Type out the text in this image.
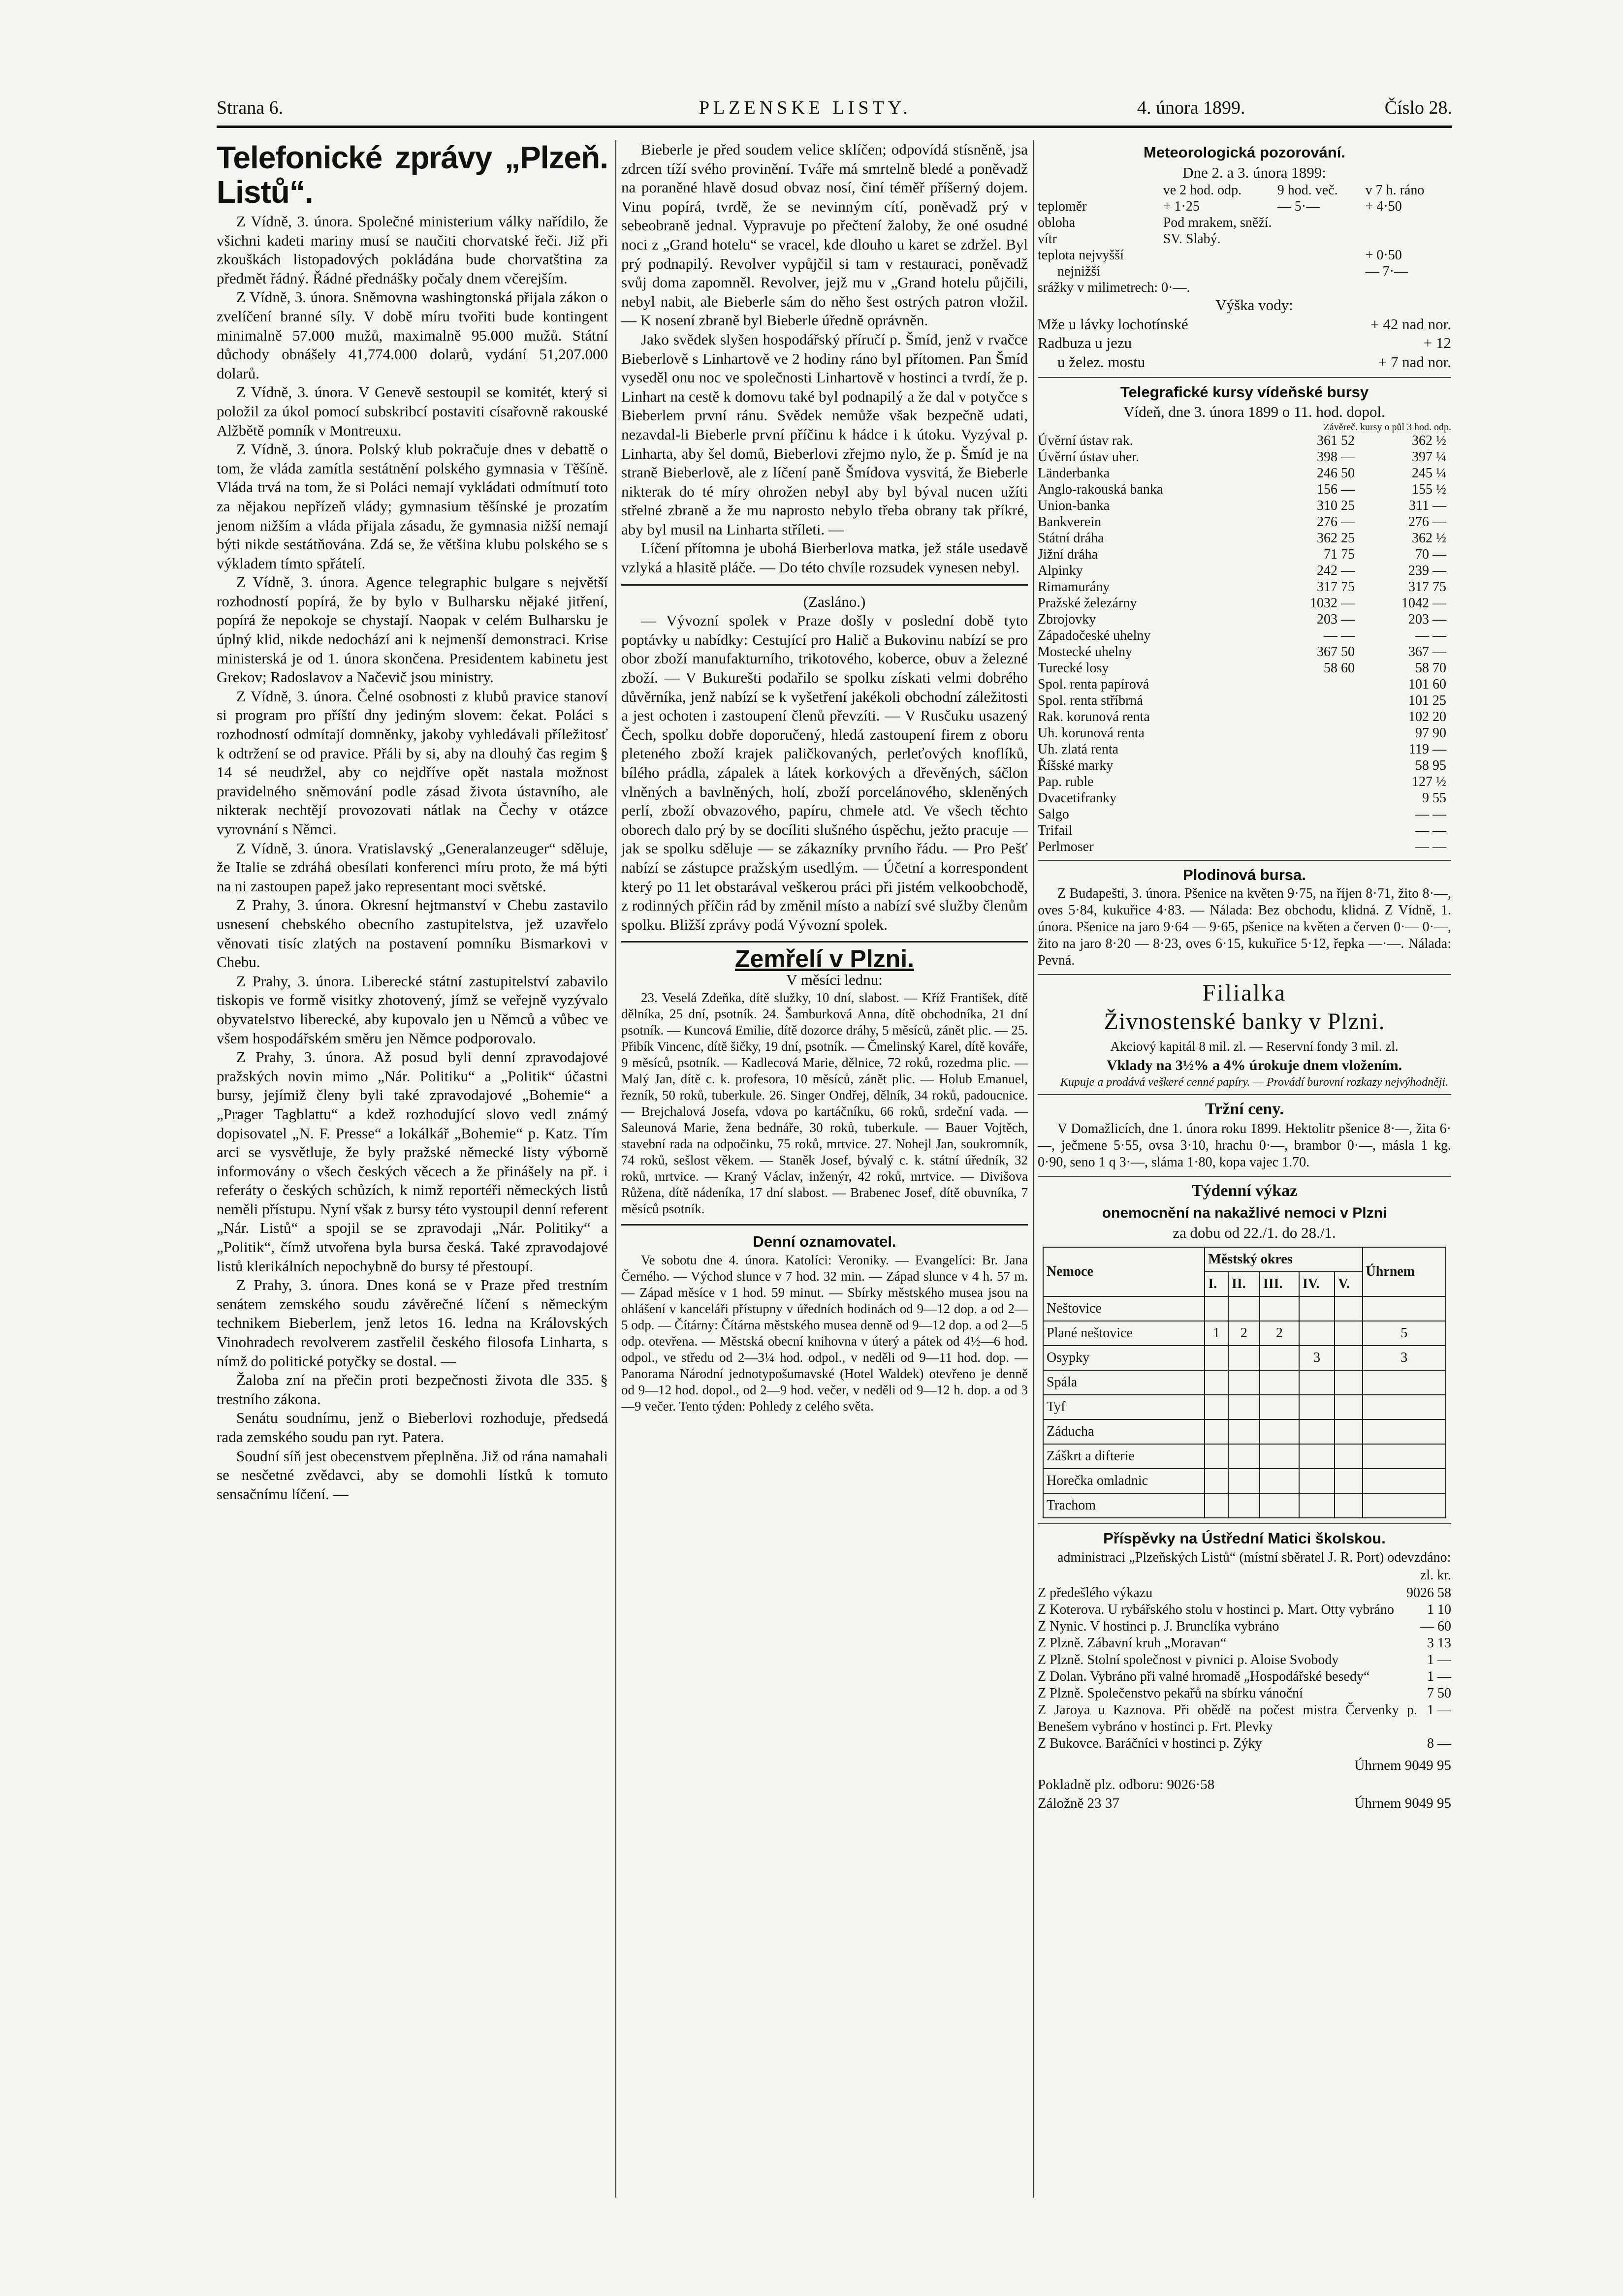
Strana 6.	PLZENSKE LISTY.	4. února 1899.	Číslo 28.
Telefonické zprávy „Plzeň. Listů“.

Z Vídně, 3. února. Společné ministerium války nařídilo, že všichni kadeti mariny musí se naučiti chorvatské řeči. Již při zkouškách listopadových pokládána bude chorvatština za předmět řádný. Řádné přednášky počaly dnem včerejším.

Z Vídně, 3. února. Sněmovna washingtonská přijala zákon o zvelíčení branné síly. V době míru tvořiti bude kontingent minimalně 57.000 mužů, maximalně 95.000 mužů. Státní důchody obnášely 41,774.000 dolarů, vydání 51,207.000 dolarů.

Z Vídně, 3. února. V Genevě sestoupil se komitét, který si položil za úkol pomocí subskribcí postaviti císařovně rakouské Alžbětě pomník v Montreuxu.

Z Vídně, 3. února. Polský klub pokračuje dnes v debattě o tom, že vláda zamítla sestátnění polského gymnasia v Těšíně. Vláda trvá na tom, že si Poláci nemají vykládati odmítnutí toto za nějakou nepřízeň vlády; gymnasium těšínské je prozatím jenom nižším a vláda přijala zásadu, že gymnasia nižší nemají býti nikde sestátňována. Zdá se, že většina klubu polského se s výkladem tímto spřátelí.

Z Vídně, 3. února. Agence telegraphic bulgare s největší rozhodností popírá, že by bylo v Bulharsku nějaké jitření, popírá že nepokoje se chystají. Naopak v celém Bulharsku je úplný klid, nikde nedochází ani k nejmenší demonstraci. Krise ministerská je od 1. února skončena. Presidentem kabinetu jest Grekov; Radoslavov a Načevič jsou ministry.

Z Vídně, 3. února. Čelné osobnosti z klubů pravice stanoví si program pro příští dny jediným slovem: čekat. Poláci s rozhodností odmítají domněnky, jakoby vyhledávali příležitosť k odtržení se od pravice. Přáli by si, aby na dlouhý čas regim § 14 sé neudržel, aby co nejdříve opět nastala možnost pravidelného sněmování podle zásad života ústavního, ale nikterak nechtějí provozovati nátlak na Čechy v otázce vyrovnání s Němci.

Z Vídně, 3. února. Vratislavský „Generalanzeuger“ sděluje, že Italie se zdráhá obesílati konferenci míru proto, že má býti na ni zastoupen papež jako representant moci světské.

Z Prahy, 3. února. Okresní hejtmanství v Chebu zastavilo usnesení chebského obecního zastupitelstva, jež uzavřelo věnovati tisíc zlatých na postavení pomníku Bismarkovi v Chebu.

Z Prahy, 3. února. Liberecké státní zastupitelství zabavilo tiskopis ve formě visitky zhotovený, jímž se veřejně vyzývalo obyvatelstvo liberecké, aby kupovalo jen u Němců a vůbec ve všem hospodářském směru jen Němce podporovalo.

Z Prahy, 3. února. Až posud byli denní zpravodajové pražských novin mimo „Nár. Politiku“ a „Politik“ účastni bursy, jejímiž členy byli také zpravodajové „Bohemie“ a „Prager Tagblattu“ a kdež rozhodující slovo vedl známý dopisovatel „N. F. Presse“ a lokálkář „Bohemie“ p. Katz. Tím arci se vysvětluje, že byly pražské německé listy výborně informovány o všech českých věcech a že přinášely na př. i referáty o českých schůzích, k nimž reportéři německých listů neměli přístupu. Nyní však z bursy této vystoupil denní referent „Nár. Listů“ a spojil se se zpravodaji „Nár. Politiky“ a „Politik“, čímž utvořena byla bursa česká. Také zpravodajové listů klerikálních nepochybně do bursy té přestoupí.

Z Prahy, 3. února. Dnes koná se v Praze před trestním senátem zemského soudu závěrečné líčení s německým technikem Bieberlem, jenž letos 16. ledna na Královských Vinohradech revolverem zastřelil českého filosofa Linharta, s nímž do politické potyčky se dostal. —

Žaloba zní na přečin proti bezpečnosti života dle 335. § trestního zákona.

Senátu soudnímu, jenž o Bieberlovi rozhoduje, předsedá rada zemského soudu pan ryt. Patera.

Soudní síň jest obecenstvem přeplněna. Již od rána namahali se nesčetné zvědavci, aby se domohli lístků k tomuto sensačnímu líčení. —

Bieberle je před soudem velice sklíčen; odpovídá stísněně, jsa zdrcen tíží svého provinění. Tváře má smrtelně bledé a poněvadž na poraněné hlavě dosud obvaz nosí, činí téměř příšerný dojem. Vinu popírá, tvrdě, že se nevinným cítí, poněvadž prý v sebeobraně jednal. Vypravuje po přečtení žaloby, že oné osudné noci z „Grand hotelu“ se vracel, kde dlouho u karet se zdržel. Byl prý podnapilý. Revolver vypůjčil si tam v restauraci, poněvadž svůj doma zapomněl. Revolver, jejž mu v „Grand hotelu půjčili, nebyl nabit, ale Bieberle sám do něho šest ostrých patron vložil. — K nosení zbraně byl Bieberle úředně oprávněn.

Jako svědek slyšen hospodářský příručí p. Šmíd, jenž v rvačce Bieberlově s Linhartově ve 2 hodiny ráno byl přítomen. Pan Šmíd vyseděl onu noc ve společnosti Linhartově v hostinci a tvrdí, že p. Linhart na cestě k domovu také byl podnapilý a že dal v potyčce s Bieberlem první ránu. Svědek nemůže však bezpečně udati, nezavdal-li Bieberle první příčinu k hádce i k útoku. Vyzýval p. Linharta, aby šel domů, Bieberlovi zřejmo nylo, že p. Šmíd je na straně Bieberlově, ale z líčení paně Šmídova vysvitá, že Bieberle nikterak do té míry ohrožen nebyl aby byl býval nucen užíti střelné zbraně a že mu naprosto nebylo třeba obrany tak příkré, aby byl musil na Linharta stříleti. —

Líčení přítomna je ubohá Bierberlova matka, jež stále usedavě vzlyká a hlasitě pláče. — Do této chvíle rozsudek vynesen nebyl.

(Zasláno.)

— Vývozní spolek v Praze došly v poslední době tyto poptávky u nabídky: Cestující pro Halič a Bukovinu nabízí se pro obor zboží manufakturního, trikotového, koberce, obuv a železné zboží. — V Bukurešti podařilo se spolku získati velmi dobrého důvěrníka, jenž nabízí se k vyšetření jakékoli obchodní záležitosti a jest ochoten i zastoupení členů převzíti. — V Rusčuku usazený Čech, spolku dobře doporučený, hledá zastoupení firem z oboru pleteného zboží krajek paličkovaných, perleťových knoflíků, bílého prádla, zápalek a látek korkových a dřevěných, sáčlon vlněných a bavlněných, holí, zboží porcelánového, skleněných perlí, zboží obvazového, papíru, chmele atd. Ve všech těchto oborech dalo prý by se docíliti slušného úspěchu, ježto pracuje — jak se spolku sděluje — se zákazníky prvního řádu. — Pro Pešť nabízí se zástupce pražským usedlým. — Účetní a korrespondent který po 11 let obstarával veškerou práci při jistém velkoobchodě, z rodinných příčin rád by změnil místo a nabízí své služby členům spolku. Bližší zprávy podá Vývozní spolek.

Zemřelí v Plzni.

V měsíci lednu:

23. Veselá Zdeňka, dítě služky, 10 dní, slabost. — Kříž František, dítě dělníka, 25 dní, psotník. 24. Šamburková Anna, dítě obchodníka, 21 dní psotník. — Kuncová Emilie, dítě dozorce dráhy, 5 měsíců, zánět plic. — 25. Přibík Vincenc, dítě šičky, 19 dní, psotník. — Čmelinský Karel, dítě kováře, 9 měsíců, psotník. — Kadlecová Marie, dělnice, 72 roků, rozedma plic. — Malý Jan, dítě c. k. profesora, 10 měsíců, zánět plic. — Holub Emanuel, řezník, 50 roků, tuberkule. 26. Singer Ondřej, dělník, 34 roků, padoucnice. — Brejchalová Josefa, vdova po kartáčníku, 66 roků, srdeční vada. — Saleunová Marie, žena bednáře, 30 roků, tuberkule. — Bauer Vojtěch, stavební rada na odpočinku, 75 roků, mrtvice. 27. Nohejl Jan, soukromník, 74 roků, sešlost věkem. — Staněk Josef, bývalý c. k. státní úředník, 32 roků, mrtvice. — Kraný Václav, inženýr, 42 roků, mrtvice. — Divišova Růžena, dítě nádeníka, 17 dní slabost. — Brabenec Josef, dítě obuvníka, 7 měsíců psotník.

Denní oznamovatel.

Ve sobotu dne 4. února. Katolíci: Veroniky. — Evangelíci: Br. Jana Černého. — Východ slunce v 7 hod. 32 min. — Západ slunce v 4 h. 57 m. — Západ měsíce v 1 hod. 59 minut. — Sbírky městského musea jsou na ohlášení v kanceláři přístupny v úředních hodinách od 9—12 dop. a od 2—5 odp. — Čítárny: Čítárna městského musea denně od 9—12 dop. a od 2—5 odp. otevřena. — Městská obecní knihovna v úterý a pátek od 4½—6 hod. odpol., ve středu od 2—3¼ hod. odpol., v neděli od 9—11 hod. dop. — Panorama Národní jednotypošumavské (Hotel Waldek) otevřeno je denně od 9—12 hod. dopol., od 2—9 hod. večer, v neděli od 9—12 h. dop. a od 3—9 večer. Tento týden: Pohledy z celého světa.

Meteorologická pozorování.

Dne 2. a 3. února 1899:

	ve 2 hod. odp.	9 hod. več.	v 7 h. ráno
teploměr	+ 1·25	— 5·—	+ 4·50
obloha	Pod mrakem, sněží.		
vítr	SV. Slabý.		
teplota nejvyšší			+ 0·50
nejnižší			— 7·—
srážky v milimetrech: 0·—.			

Výška vody:

Mže u lávky lochotínské	+ 42 nad nor.
Radbuza u jezu	+ 12
u želez. mostu	+ 7 nad nor.
Telegrafické kursy vídeňské bursy

Vídeň, dne 3. února 1899 o 11. hod. dopol.

Závěreč. kursy o půl 3 hod. odp.
Úvěrní ústav rak.	361 52	362 ½
Úvěrní ústav uher.	398 —	397 ¼
Länderbanka	246 50	245 ¼
Anglo-rakouská banka	156 —	155 ½
Union-banka	310 25	311 —
Bankverein	276 —	276 —
Státní dráha	362 25	362 ½
Jižní dráha	71 75	70 —
Alpinky	242 —	239 —
Rimamurány	317 75	317 75
Pražské železárny	1032 —	1042 —
Zbrojovky	203 —	203 —
Západočeské uhelny	— —	— —
Mostecké uhelny	367 50	367 —
Turecké losy	58 60	58 70
Spol. renta papírová		101 60
Spol. renta stříbrná		101 25
Rak. korunová renta		102 20
Uh. korunová renta		97 90
Uh. zlatá renta		119 —
Říšské marky		58 95
Pap. ruble		127 ½
Dvacetifranky		9 55
Salgo		— —
Trifail		— —
Perlmoser		— —
Plodinová bursa.

Z Budapešti, 3. února. Pšenice na květen 9·75, na říjen 8·71, žito 8·—, oves 5·84, kukuřice 4·83. — Nálada: Bez obchodu, klidná. Z Vídně, 1. února. Pšenice na jaro 9·64 — 9·65, pšenice na květen a červen 0·— 0·—, žito na jaro 8·20 — 8·23, oves 6·15, kukuřice 5·12, řepka —·—. Nálada: Pevná.

Filialka
Živnostenské banky v Plzni.

Akciový kapitál 8 mil. zl. — Reservní fondy 3 mil. zl.

Vklady na 3½% a 4% úrokuje dnem vložením.

Kupuje a prodává veškeré cenné papíry. — Provádí burovní rozkazy nejvýhodněji.

Tržní ceny.

V Domažlicích, dne 1. února roku 1899. Hektolitr pšenice 8·—, žita 6·—, ječmene 5·55, ovsa 3·10, hrachu 0·—, brambor 0·—, másla 1 kg. 0·90, seno 1 q 3·—, sláma 1·80, kopa vajec 1.70.

Týdenní výkaz
onemocnění na nakažlivé nemoci v Plzni

za dobu od 22./1. do 28./1.

Nemoce	Městský okres					Úhrnem
	I.	II.	III.	IV.	V.	
Neštovice						
Plané neštovice	1	2	2			5
Osypky				3		3
Spála						
Tyf						
Záducha						
Záškrt a difterie						
Horečka omladnic						
Trachom						
Příspěvky na Ústřední Matici školskou.

administraci „Plzeňských Listů“ (místní sběratel J. R. Port) odevzdáno:

zl. kr.
Z předešlého výkazu	9026 58
Z Koterova. U rybářského stolu v hostinci p. Mart. Otty vybráno	1 10
Z Nynic. V hostinci p. J. Brunclíka vybráno	— 60
Z Plzně. Zábavní kruh „Moravan“	3 13
Z Plzně. Stolní společnost v pivnici p. Aloise Svobody	1 —
Z Dolan. Vybráno při valné hromadě „Hospodářské besedy“	1 —
Z Plzně. Společenstvo pekařů na sbírku vánoční	7 50
Z Jaroya u Kaznova. Při obědě na počest mistra Červenky p. Benešem vybráno v hostinci p. Frt. Plevky
1 —
Z Bukovce. Baráčníci v hostinci p. Zýky	8 —
Úhrnem 9049 95
Pokladně plz. odboru: 9026·58
Záložně 23 37	Úhrnem 9049 95
